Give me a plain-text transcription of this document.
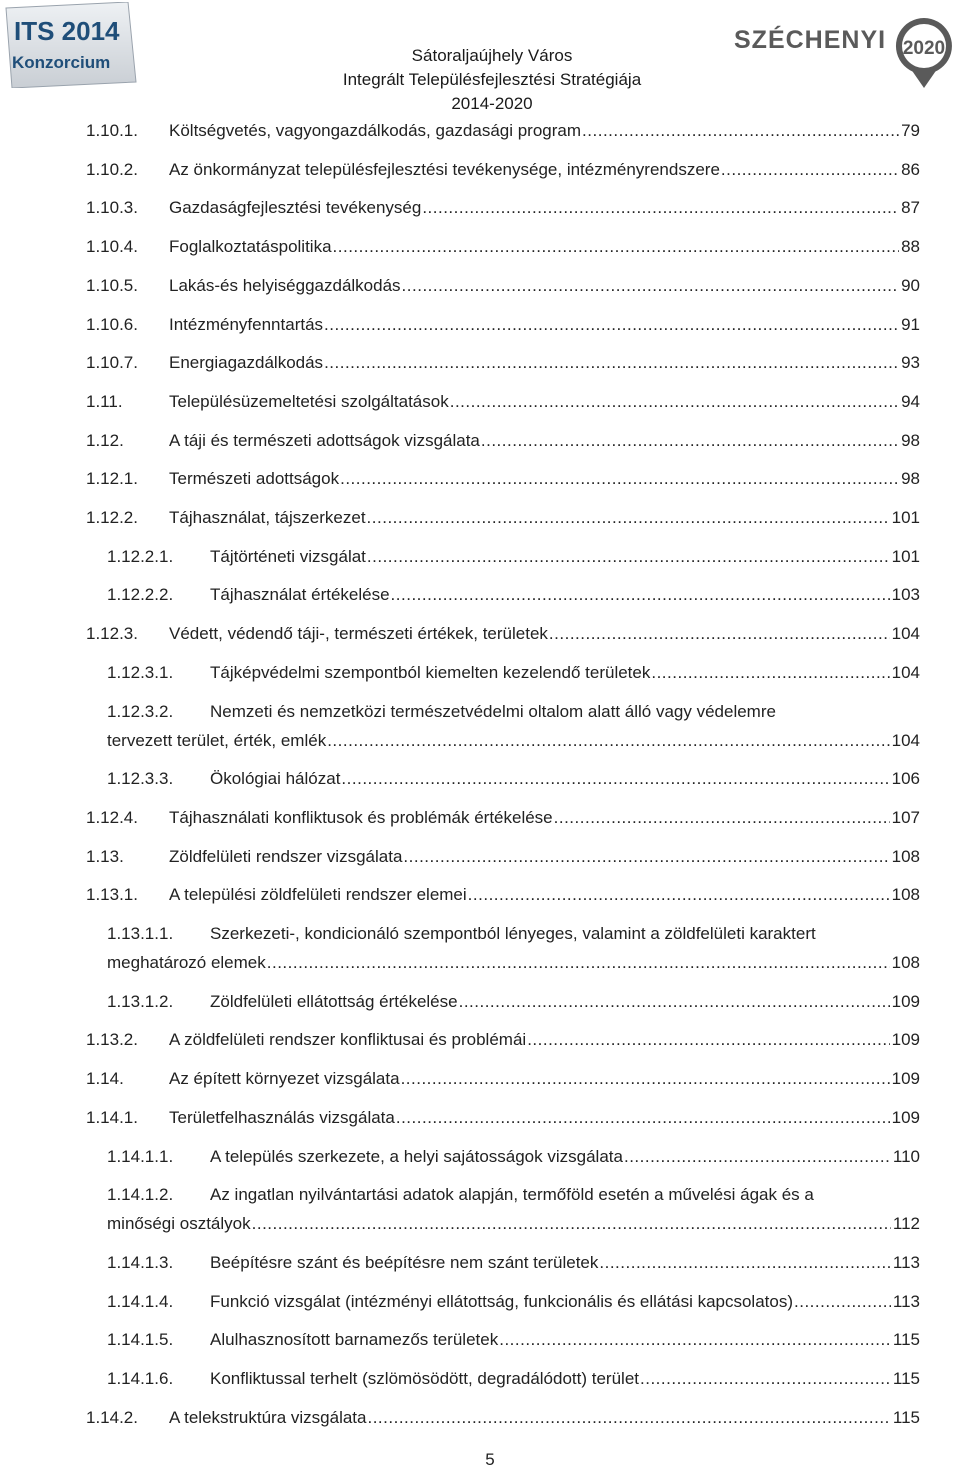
ITS 2014
Konzorcium	Sátoraljaújhely Város
Integrált Településfejlesztési Stratégiája
2014-2020
SZÉCHENYI 2020
1.10.1.	Költségvetés, vagyongazdálkodás, gazdasági program .....	79
1.10.2.	Az önkormányzat településfejlesztési tevékenysége, intézményrendszere .....	86
1.10.3.	Gazdaságfejlesztési tevékenység .....	87
1.10.4.	Foglalkoztatáspolitika .....	88
1.10.5.	Lakás-és helyiséggazdálkodás .....	90
1.10.6.	Intézményfenntartás .....	91
1.10.7.	Energiagazdálkodás .....	93
1.11.	Településüzemeltetési szolgáltatások .....	94
1.12.	A táji és természeti adottságok vizsgálata .....	98
1.12.1.	Természeti adottságok .....	98
1.12.2.	Tájhasználat, tájszerkezet .....	101
1.12.2.1.	Tájtörténeti vizsgálat .....	101
1.12.2.2.	Tájhasználat értékelése .....	103
1.12.3.	Védett, védendő táji-, természeti értékek, területek .....	104
1.12.3.1.	Tájképvédelmi szempontból kiemelten kezelendő területek .....	104
1.12.3.2.	Nemzeti és nemzetközi természetvédelmi oltalom alatt álló vagy védelemre
tervezett terület, érték, emlék .....	104
1.12.3.3.	Ökológiai hálózat .....	106
1.12.4.	Tájhasználati konfliktusok és problémák értékelése .....	107
1.13.	Zöldfelületi rendszer vizsgálata .....	108
1.13.1.	A települési zöldfelületi rendszer elemei .....	108
1.13.1.1.	Szerkezeti-, kondicionáló szempontból lényeges, valamint a zöldfelületi karaktert
meghatározó elemek .....	108
1.13.1.2.	Zöldfelületi ellátottság értékelése .....	109
1.13.2.	A zöldfelületi rendszer konfliktusai és problémái .....	109
1.14.	Az épített környezet vizsgálata .....	109
1.14.1.	Területfelhasználás vizsgálata .....	109
1.14.1.1.	A település szerkezete, a helyi sajátosságok vizsgálata .....	110
1.14.1.2.	Az ingatlan nyilvántartási adatok alapján, termőföld esetén a művelési ágak és a
minőségi osztályok .....	112
1.14.1.3.	Beépítésre szánt és beépítésre nem szánt területek .....	113
1.14.1.4.	Funkció vizsgálat (intézményi ellátottság, funkcionális és ellátási kapcsolatos) .....	113
1.14.1.5.	Alulhasznosított barnamezős területek .....	115
1.14.1.6.	Konfliktussal terhelt (szlömösödött, degradálódott) terület .....	115
1.14.2.	A telekstruktúra vizsgálata .....	115
5
